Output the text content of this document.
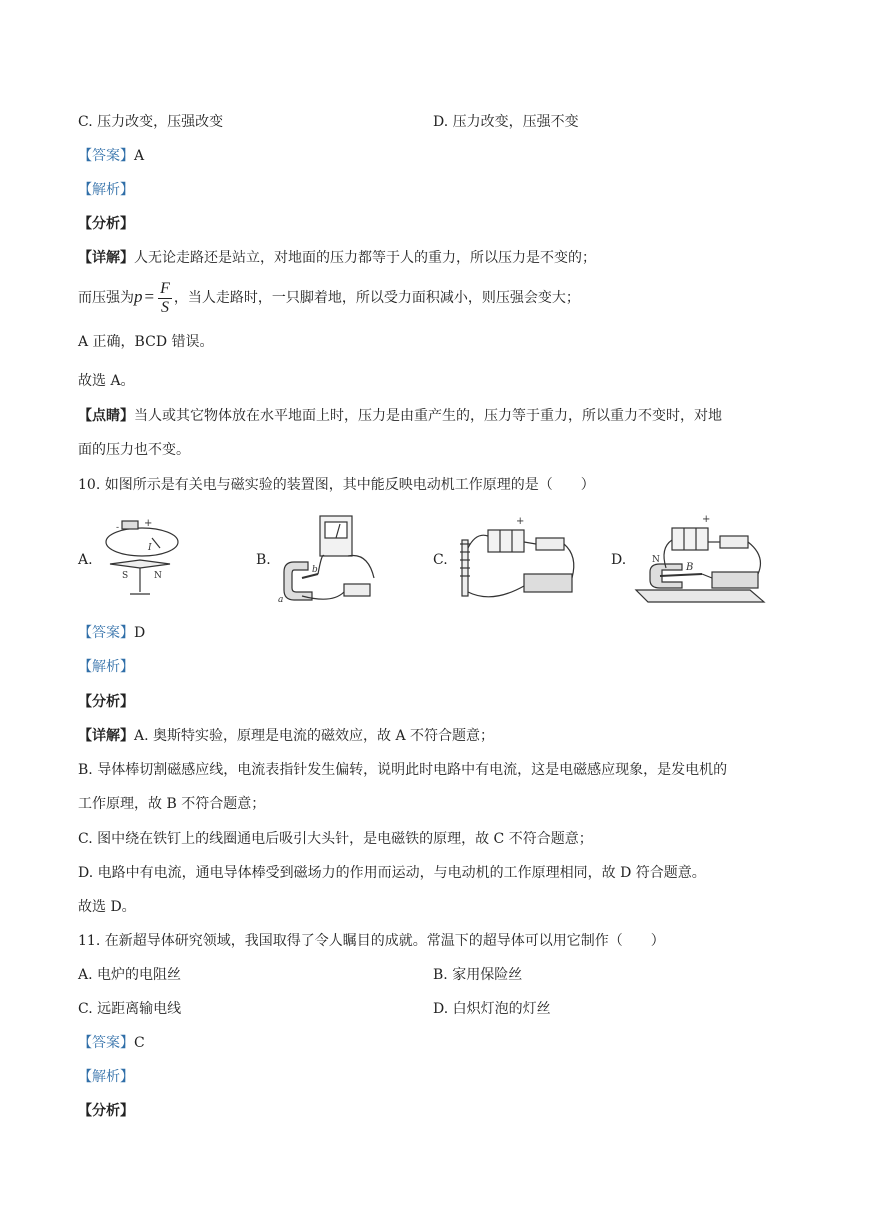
C. 压力改变，压强改变	D. 压力改变，压强不变
【答案】A
【解析】
【分析】
【详解】人无论走路还是站立，对地面的压力都等于人的重力，所以压力是不变的；
而压强为$p = \frac{F}{S}$ ，当人走路时，一只脚着地，所以受力面积减小，则压强会变大；
A 正确，BCD 错误。
故选 A。
【点睛】当人或其它物体放在水平地面上时，压力是由重产生的，压力等于重力，所以重力不变时，对地
面的压力也不变。
10. 如图所示是有关电与磁实验的装置图，其中能反映电动机工作原理的是（　　）
A.	B.	C.	D.
- +
I
S	N
b
a
+	+
N
B
【答案】D
【解析】
【分析】
【详解】A. 奥斯特实验，原理是电流的磁效应，故 A 不符合题意；
B. 导体棒切割磁感应线，电流表指针发生偏转，说明此时电路中有电流，这是电磁感应现象，是发电机的
工作原理，故 B 不符合题意；
C. 图中绕在铁钉上的线圈通电后吸引大头针，是电磁铁的原理，故 C 不符合题意；
D. 电路中有电流，通电导体棒受到磁场力的作用而运动，与电动机的工作原理相同，故 D 符合题意。
故选 D。
11. 在新超导体研究领域，我国取得了令人瞩目的成就。常温下的超导体可以用它制作（　　）
A. 电炉的电阻丝	B. 家用保险丝
C. 远距离输电线	D. 白炽灯泡的灯丝
【答案】C
【解析】
【分析】
